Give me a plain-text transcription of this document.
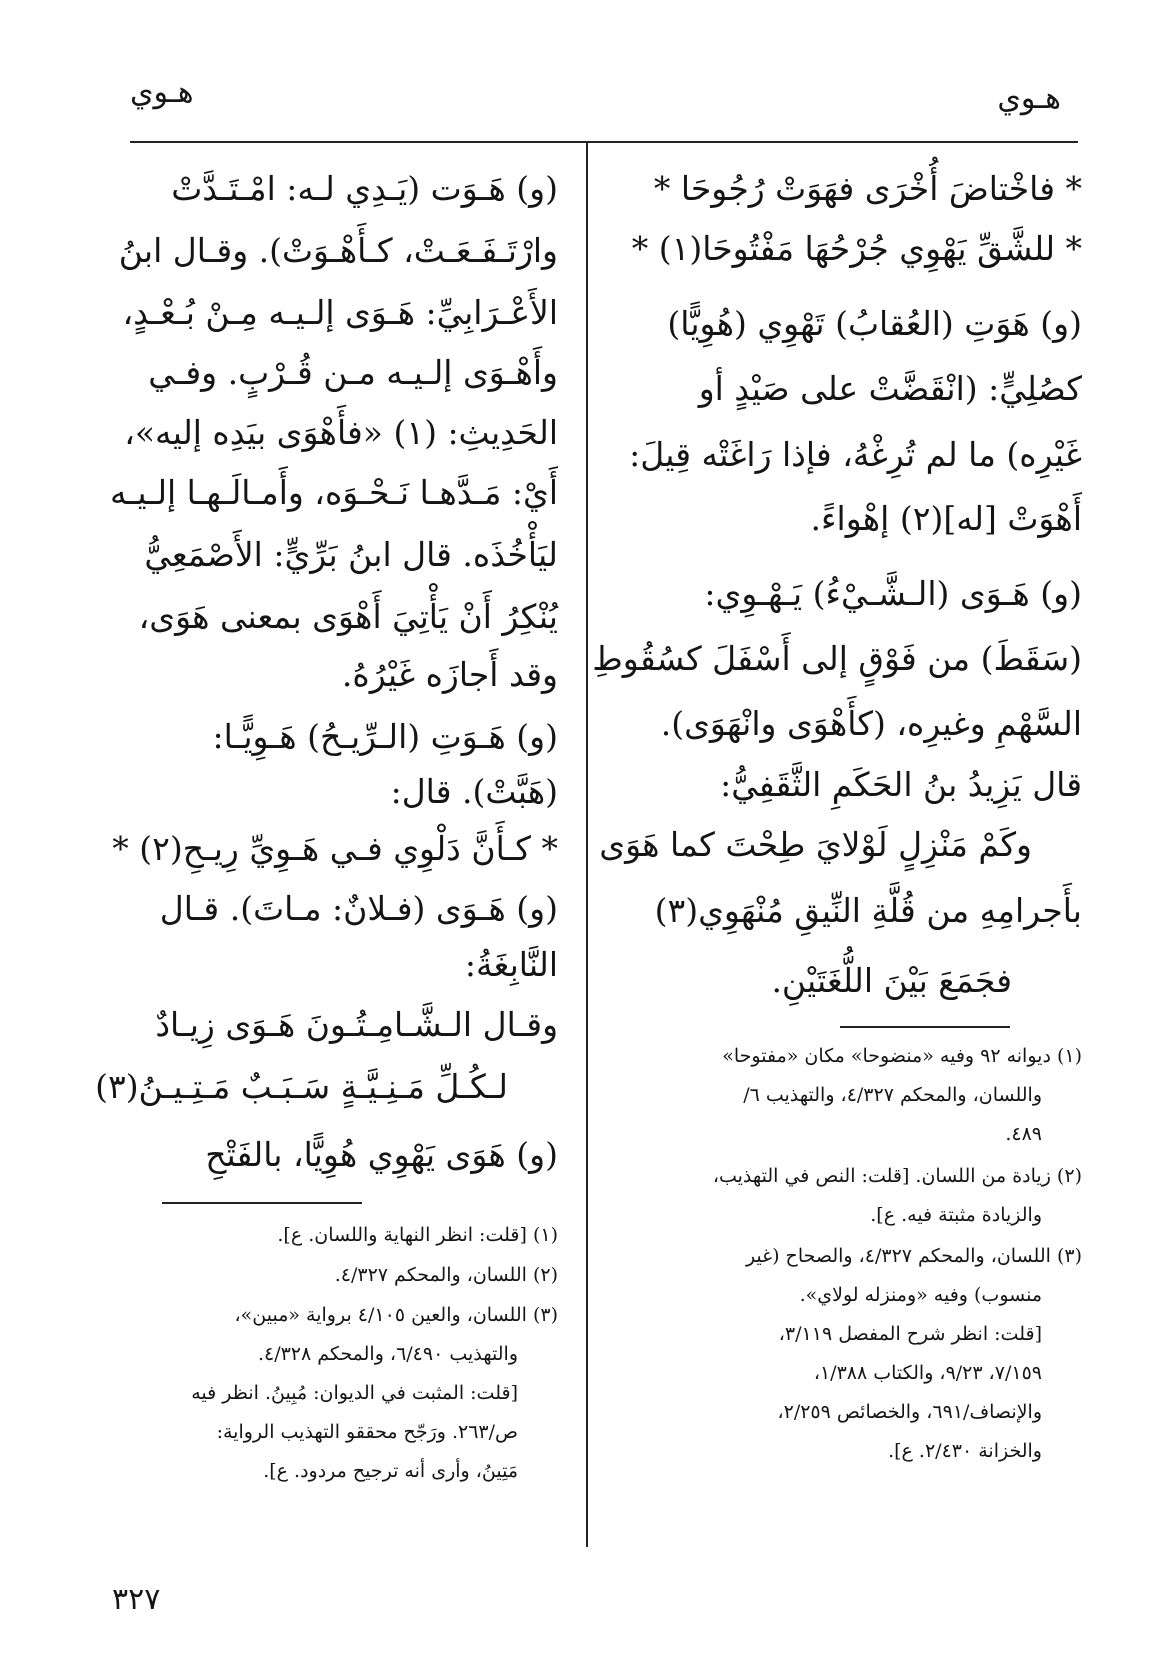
هـوي
هـوي
* فاخْتاضَ أُخْرَى فهَوَتْ رُجُوحَا *
* للشَّقِّ يَهْوِي جُرْحُهَا مَفْتُوحَا(١) *
(و) هَوَتِ (العُقابُ) تَهْوِي (هُوِيًّا)
كصُلِيٍّ: (انْقَضَّتْ على صَيْدٍ أو
غَيْرِه) ما لم تُرِغْهُ، فإذا رَاغَتْه قِيلَ:
أَهْوَتْ [له](٢) إهْواءً.
(و) هَـوَى (الـشَّـيْءُ) يَـهْـوِي:
(سَقَطَ) من فَوْقٍ إلى أَسْفَلَ كسُقُوطِ
السَّهْمِ وغيرِه، (كأَهْوَى وانْهَوَى).
قال يَزِيدُ بنُ الحَكَمِ الثَّقَفِيُّ:
وكَمْ مَنْزِلٍ لَوْلايَ طِحْتَ كما هَوَى
بأَجرامِهِ من قُلَّةِ النِّيقِ مُنْهَوِي(٣)
فجَمَعَ بَيْنَ اللُّغَتَيْنِ.
(١) ديوانه ٩٢ وفيه «منضوحا» مكان «مفتوحا»
واللسان، والمحكم ٤/٣٢٧، والتهذيب ٦/
٤٨٩.
(٢) زيادة من اللسان. [قلت: النص في التهذيب،
والزيادة مثبتة فيه. ع].
(٣) اللسان، والمحكم ٤/٣٢٧، والصحاح (غير
منسوب) وفيه «ومنزله لولاي».
[قلت: انظر شرح المفصل ٣/١١٩،
٧/١٥٩، ٩/٢٣، والكتاب ١/٣٨٨،
والإنصاف/٦٩١، والخصائص ٢/٢٥٩،
والخزانة ٢/٤٣٠. ع].
(و) هَـوَت (يَـدِي لـه: امْـتَـدَّتْ
وارْتَـفَـعَـتْ، كـأَهْـوَتْ). وقـال ابنُ
الأَعْـرَابِيِّ: هَـوَى إلـيـه مِـنْ بُـعْـدٍ،
وأَهْـوَى إلـيـه مـن قُـرْبٍ. وفـي
الحَدِيثِ: (١) «فأَهْوَى بيَدِه إليه»،
أَيْ: مَـدَّهـا نَـحْـوَه، وأَمـالَـهـا إلـيـه
ليَأْخُذَه. قال ابنُ بَرِّيٍّ: الأَصْمَعِيُّ
يُنْكِرُ أَنْ يَأْتِيَ أَهْوَى بمعنى هَوَى،
وقد أَجازَه غَيْرُهُ.
(و) هَـوَتِ (الـرِّيـحُ) هَـوِيًّـا:
(هَبَّتْ). قال:
* كـأَنَّ دَلْوِي فـي هَـوِيِّ رِيـحِ(٢) *
(و) هَـوَى (فـلانٌ: مـاتَ). قـال
النَّابِغَةُ:
وقـال الـشَّـامِـتُـونَ هَـوَى زِيـادٌ
لـكُـلِّ مَـنِـيَّـةٍ سَـبَـبٌ مَـتِـيـنُ(٣)
(و) هَوَى يَهْوِي هُوِيًّا، بالفَتْحِ
(١) [قلت: انظر النهاية واللسان. ع].
(٢) اللسان، والمحكم ٤/٣٢٧.
(٣) اللسان، والعين ٤/١٠٥ برواية «مبين»،
والتهذيب ٦/٤٩٠، والمحكم ٤/٣٢٨.
[قلت: المثبت في الديوان: مُبِينُ. انظر فيه
ص/٢٦٣. ورَجّح محققو التهذيب الرواية:
مَتِينُ، وأرى أنه ترجيح مردود. ع].
٣٢٧
